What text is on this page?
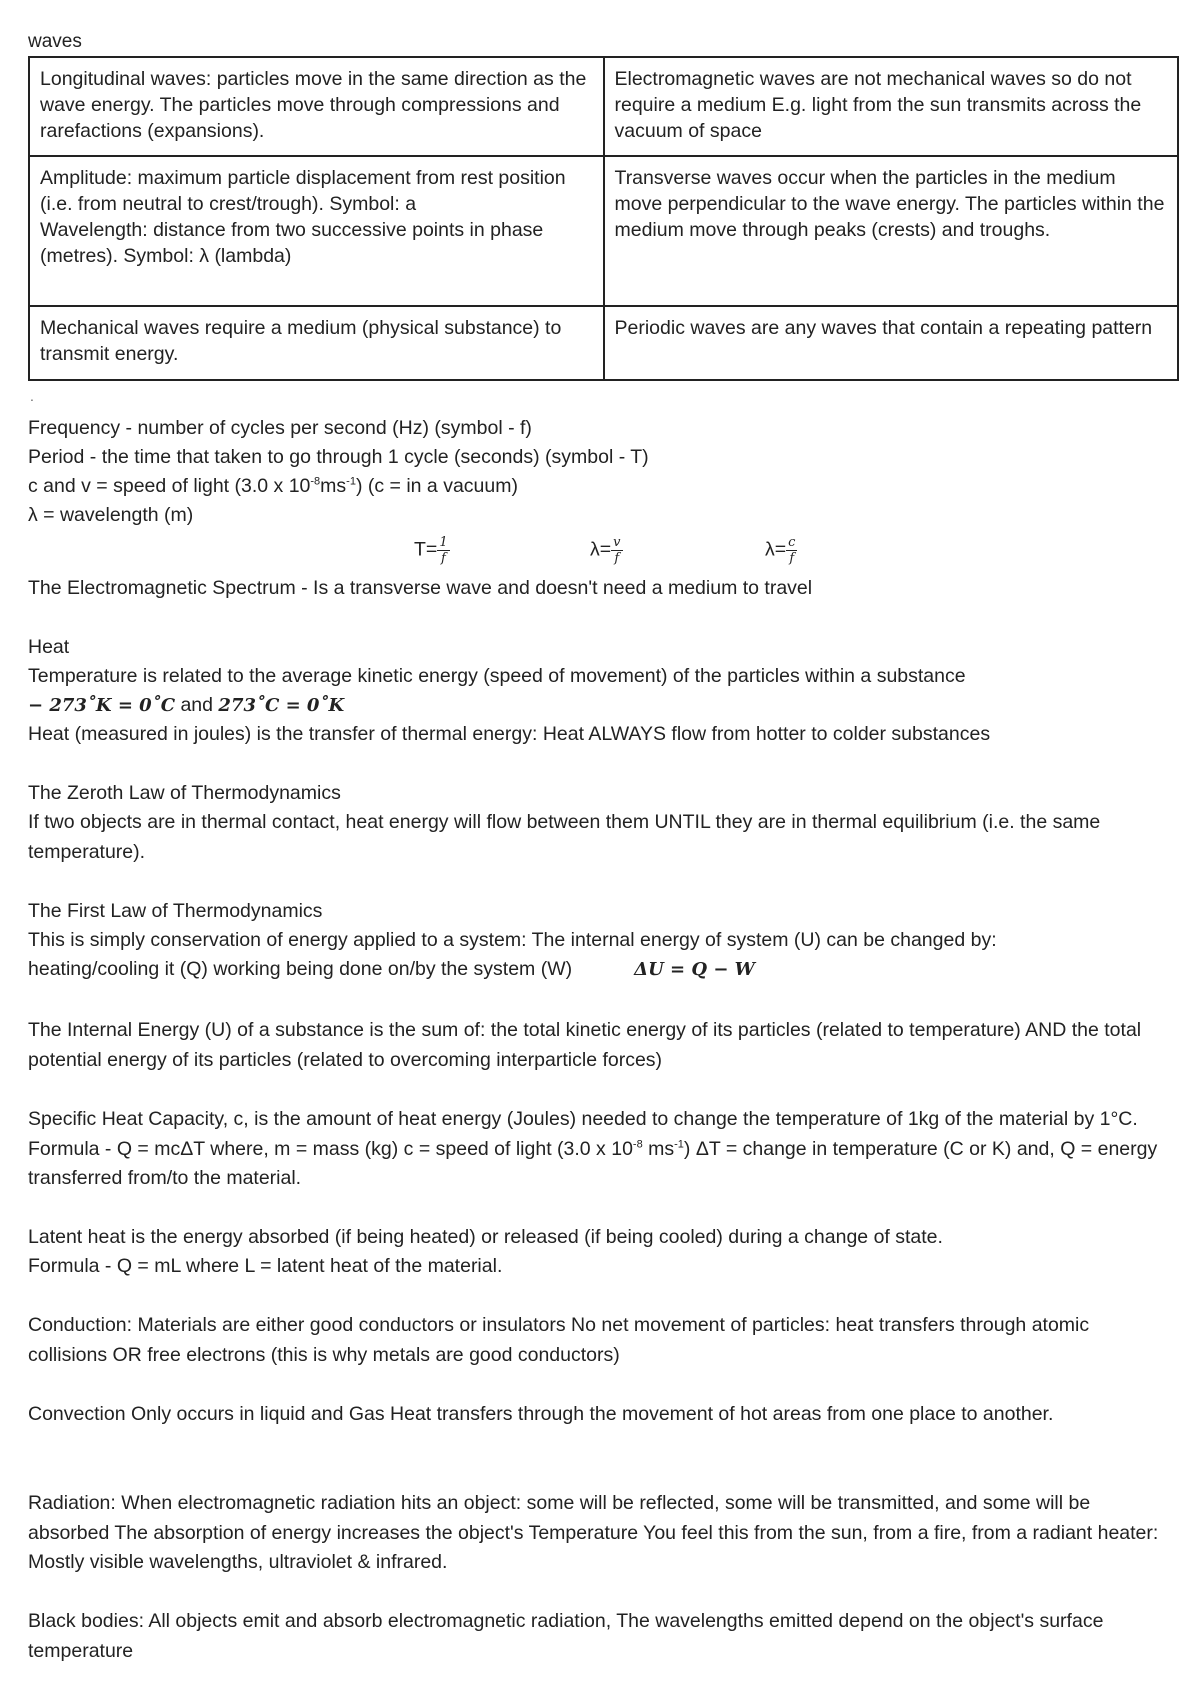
waves
Longitudinal waves: particles move in the same direction as the wave energy. The particles move through compressions and rarefactions (expansions).	Electromagnetic waves are not mechanical waves so do not require a medium E.g. light from the sun transmits across the vacuum of space

Amplitude: maximum particle displacement from rest position (i.e. from neutral to crest/trough). Symbol: a
Wavelength: distance from two successive points in phase (metres). Symbol: λ (lambda)	Transverse waves occur when the particles in the medium move perpendicular to the wave energy. The particles within the medium move through peaks (crests) and troughs.
Mechanical waves require a medium (physical substance) to transmit energy.	Periodic waves are any waves that contain a repeating pattern
.
Frequency - number of cycles per second (Hz) (symbol - f)
Period - the time that taken to go through 1 cycle (seconds) (symbol - T)
c and v = speed of light (3.0 x $10^{-8}ms^{-1}$) (c = in a vacuum)
λ = wavelength (m)
$T= \frac{1}{f}$	$\lambda= \frac{v}{f}$	$\lambda= \frac{c}{f}$
The Electromagnetic Spectrum - Is a transverse wave and doesn't need a medium to travel
Heat
Temperature is related to the average kinetic energy (speed of movement) of the particles within a substance
− 273˚K = 0˚C and 273˚C = 0˚K
Heat (measured in joules) is the transfer of thermal energy: Heat ALWAYS flow from hotter to colder substances
The Zeroth Law of Thermodynamics
If two objects are in thermal contact, heat energy will flow between them UNTIL they are in thermal equilibrium (i.e. the same temperature).
The First Law of Thermodynamics
This is simply conservation of energy applied to a system: The internal energy of system (U) can be changed by:
heating/cooling it (Q) working being done on/by the system (W)	ΔU = Q − W
The Internal Energy (U) of a substance is the sum of: the total kinetic energy of its particles (related to temperature) AND the total potential energy of its particles (related to overcoming interparticle forces)
Specific Heat Capacity, c, is the amount of heat energy (Joules) needed to change the temperature of 1kg of the material by 1°C. Formula - Q = mcΔT where, m = mass (kg) c = speed of light (3.0 x $10^{-8}$ $ms^{-1}$) ΔT = change in temperature (C or K) and, Q = energy transferred from/to the material.
Latent heat is the energy absorbed (if being heated) or released (if being cooled) during a change of state.
Formula - Q = mL where L = latent heat of the material.
Conduction: Materials are either good conductors or insulators No net movement of particles: heat transfers through atomic collisions OR free electrons (this is why metals are good conductors)
Convection Only occurs in liquid and Gas Heat transfers through the movement of hot areas from one place to another.
Radiation: When electromagnetic radiation hits an object: some will be reflected, some will be transmitted, and some will be absorbed The absorption of energy increases the object's Temperature You feel this from the sun, from a fire, from a radiant heater: Mostly visible wavelengths, ultraviolet & infrared.
Black bodies: All objects emit and absorb electromagnetic radiation, The wavelengths emitted depend on the object's surface temperature
